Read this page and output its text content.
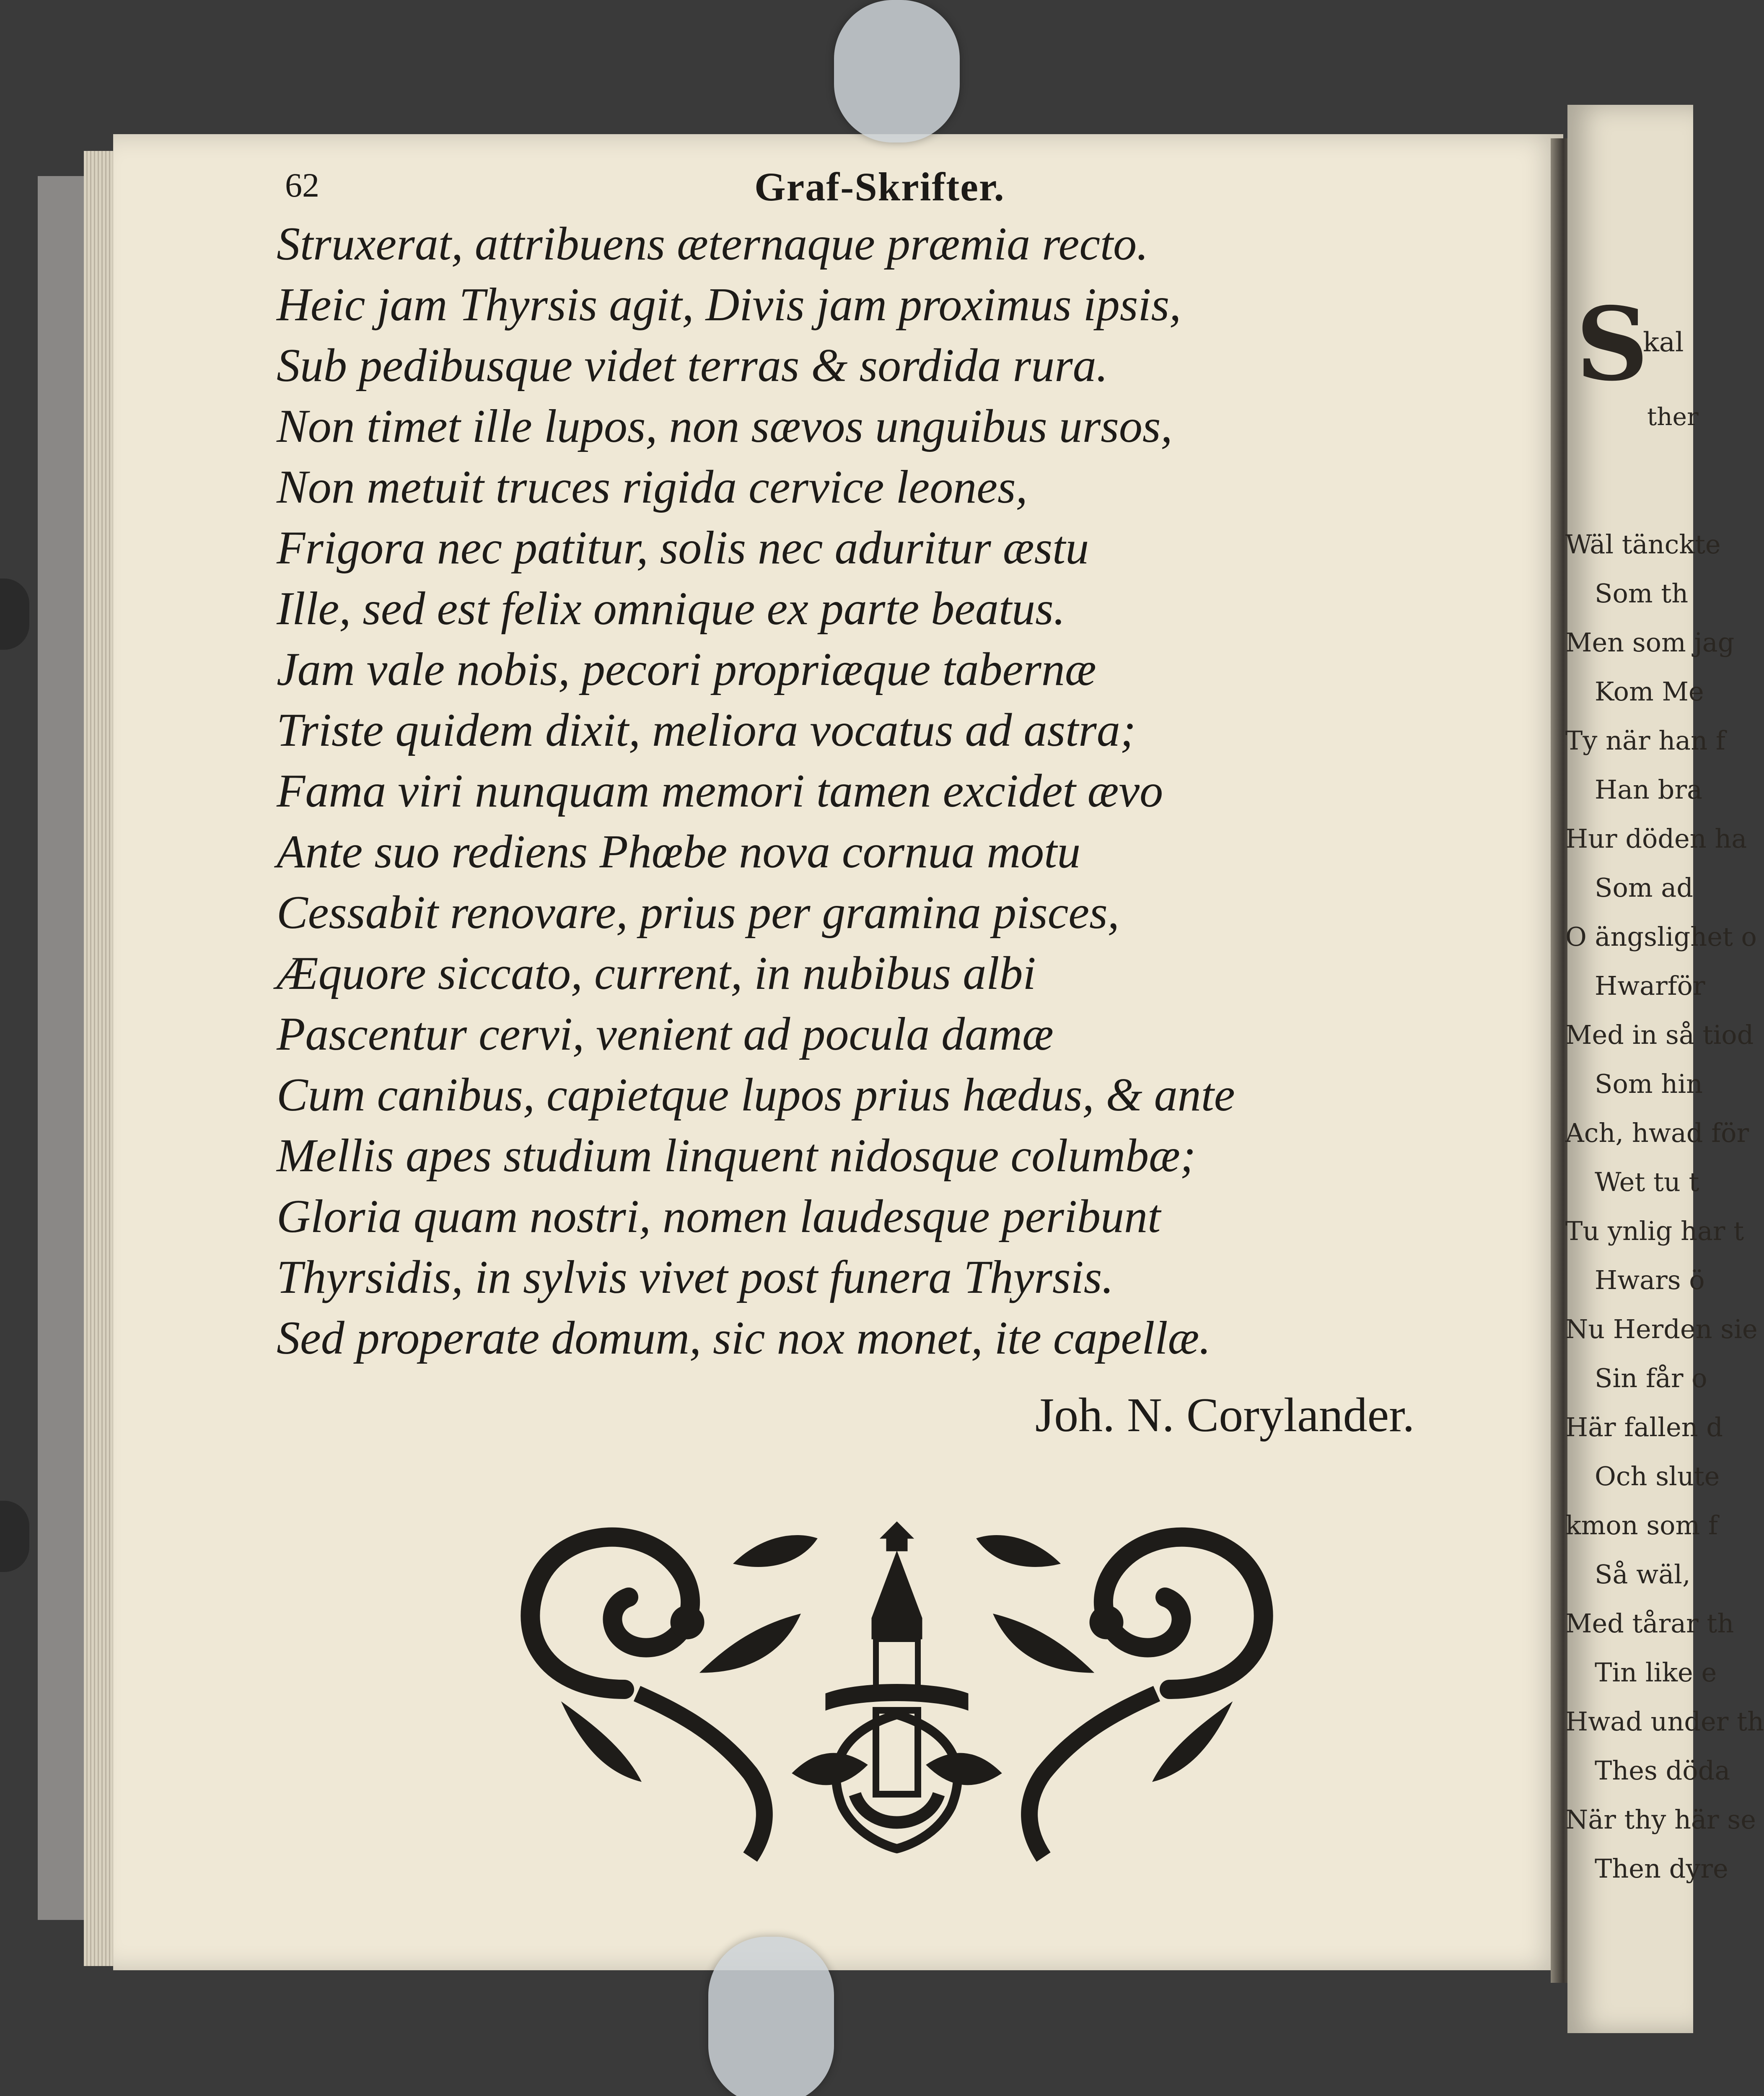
62	Graf-Skrifter.
Struxerat, attribuens æternaque præmia recto.
Heic jam Thyrsis agit, Divis jam proximus ipsis,
Sub pedibusque videt terras & sordida rura.
Non timet ille lupos, non sævos unguibus ursos,
Non metuit truces rigida cervice leones,
Frigora nec patitur, solis nec aduritur æstu
Ille, sed est felix omnique ex parte beatus.
Jam vale nobis, pecori propriæque tabernæ
Triste quidem dixit, meliora vocatus ad astra;
Fama viri nunquam memori tamen excidet ævo
Ante suo rediens Phœbe nova cornua motu
Cessabit renovare, prius per gramina pisces,
Æquore siccato, current, in nubibus albi
Pascentur cervi, venient ad pocula damæ
Cum canibus, capietque lupos prius hædus, & ante
Mellis apes studium linquent nidosque columbæ;
Gloria quam nostri, nomen laudesque peribunt
Thyrsidis, in sylvis vivet post funera Thyrsis.
Sed properate domum, sic nox monet, ite capellæ.
Joh. N. Corylander.
S
kal
ther
Wäl tänckte
Som th
Men som jag
Kom Me
Ty när han f
Han bra
Hur döden ha
Som ad
O ängslighet o
Hwarför
Med in så tiod
Som hin
Ach, hwad för
Wet tu t
Tu ynlig har t
Hwars ö
Nu Herden sie
Sin får o
Här fallen d
Och slute
kmon som f
Så wäl,
Med tårar th
Tin like e
Hwad under th
Thes döda
När thy här se
Then dyre
